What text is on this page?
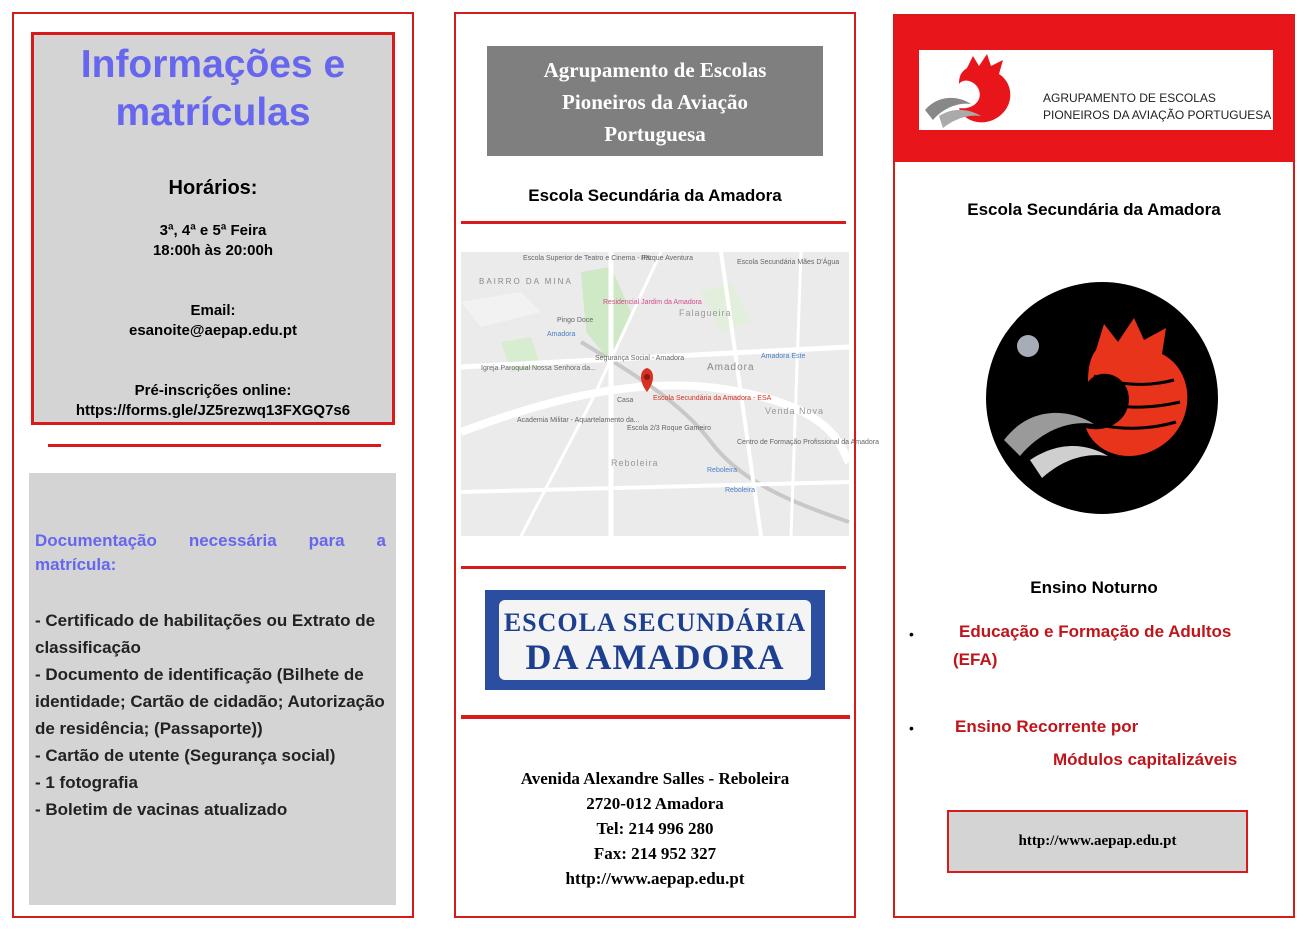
Informações e
matrículas
Horários:
3ª, 4ª e 5ª Feira
18:00h às 20:00h
Email:
esanoite@aepap.edu.pt
Pré-inscrições online:
https://forms.gle/JZ5rezwq13FXGQ7s6
Documentação necessária para a
matrícula:
- Certificado de habilitações ou Extrato de classificação
- Documento de identificação (Bilhete de identidade; Cartão de cidadão; Autorização de residência; (Passaporte))
- Cartão de utente (Segurança social)
- 1 fotografia
- Boletim de vacinas atualizado
Agrupamento de Escolas
Pioneiros da Aviação
Portuguesa
Escola Secundária da Amadora
Escola Superior de Teatro e Cinema - IPL
Parque Aventura
Escola Secundária Mães D'Água
BAIRRO DA MINA
Residencial Jardim da Amadora
Pingo Doce
Falagueira
Amadora
Segurança Social - Amadora
Amadora
Amadora Este
Igreja Paroquial Nossa Senhora da...
Casa	Escola Secundária da Amadora - ESA
Venda Nova
Academia Militar - Aquartelamento da...
Escola 2/3 Roque Gameiro
Centro de Formação Profissional da Amadora
Reboleira
Reboleira
Reboleira
ESCOLA SECUNDÁRIA
DA AMADORA
Avenida Alexandre Salles - Reboleira
2720-012 Amadora
Tel: 214 996 280
Fax: 214 952 327
http://www.aepap.edu.pt
AGRUPAMENTO DE ESCOLAS
PIONEIROS DA AVIAÇÃO PORTUGUESA
Escola Secundária da Amadora
Ensino Noturno
•	Educação e Formação de Adultos
(EFA)
• Ensino Recorrente por
Módulos capitalizáveis
http://www.aepap.edu.pt
